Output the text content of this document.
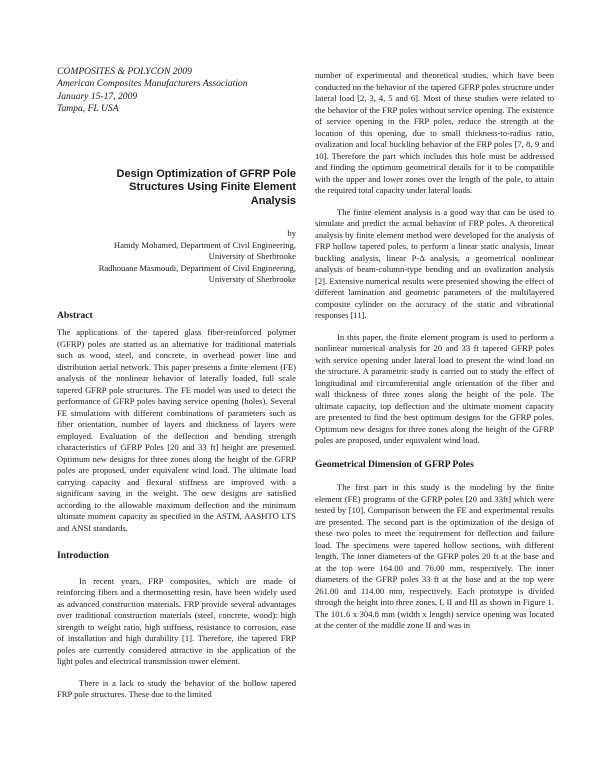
COMPOSITES & POLYCON 2009

American Composites Manufacturers Association

January 15-17, 2009

Tampa, FL USA

Design Optimization of GFRP Pole
Structures Using Finite Element
Analysis
by

Hamdy Mohamed, Department of Civil Engineering,

University of Sherbrooke

Radhouane Masmoudi, Department of Civil Engineering,

University of Sherbrooke

Abstract

The applications of the tapered glass fiber-reinforced polymer (GFRP) poles are started as an alternative for traditional materials such as wood, steel, and concrete, in overhead power line and distribution aerial network. This paper presents a finite element (FE) analysis of the nonlinear behavior of laterally loaded, full scale tapered GFRP pole structures. The FE model was used to detect the performance of GFRP poles having service opening (holes). Several FE simulations with different combinations of parameters such as fiber orientation, number of layers and thickness of layers were employed. Evaluation of the deflection and bending strength characteristics of GFRP Poles [20 and 33 ft] height are presented. Optimum new designs for three zones along the height of the GFRP poles are proposed, under equivalent wind load. The ultimate load carrying capacity and flexural stiffness are improved with a significant saving in the weight. The new designs are satisfied according to the allowable maximum deflection and the minimum ultimate moment capacity as specified in the ASTM, AASHTO LTS and ANSI standards.

Introduction

In recent years, FRP composites, which are made of reinforcing fibers and a thermosetting resin, have been widely used as advanced construction materials. FRP provide several advantages over traditional construction materials (steel, concrete, wood): high strength to weight ratio, high stiffness, resistance to corrosion, ease of installation and high durability [1]. Therefore, the tapered FRP poles are currently considered attractive in the application of the light poles and electrical transmission tower element.

There is a lack to study the behavior of the hollow tapered FRP pole structures. These due to the limited

number of experimental and theoretical studies, which have been conducted on the behavior of the tapered GFRP poles structure under lateral load [2, 3, 4, 5 and 6]. Most of these studies were related to the behavior of the FRP poles without service opening. The existence of service opening in the FRP poles, reduce the strength at the location of this opening, due to small thickness-to-radius ratio, ovalization and local buckling behavior of the FRP poles [7, 8, 9 and 10]. Therefore the part which includes this hole must be addressed and finding the optimum geometrical details for it to be compatible with the upper and lower zones over the length of the pole, to attain the required total capacity under lateral loads.

The finite element analysis is a good way that can be used to simulate and predict the actual behavior of FRP poles. A theoretical analysis by finite element method were developed for the analysis of FRP hollow tapered poles, to perform a linear static analysis, linear buckling analysis, linear P-Δ analysis, a geometrical nonlinear analysis of beam-column-type bending and an ovalization analysis [2]. Extensive numerical results were presented showing the effect of different lamination and geometric parameters of the multilayered composite cylinder on the accuracy of the static and vibrational responses [11].

In this paper, the finite element program is used to perform a nonlinear numerical analysis for 20 and 33 ft tapered GFRP poles with service opening under lateral load to present the wind load on the structure. A parametric study is carried out to study the effect of longitudinal and circumferential angle orientation of the fiber and wall thickness of three zones along the height of the pole. The ultimate capacity, top deflection and the ultimate moment capacity are presented to find the best optimum designs for the GFRP poles. Optimum new designs for three zones along the height of the GFRP poles are proposed, under equivalent wind load.

Geometrical Dimension of GFRP Poles

The first part in this study is the modeling by the finite element (FE) programs of the GFRP poles [20 and 33ft] which were tested by [10]. Comparison between the FE and experimental results are presented. The second part is the optimization of the design of these two poles to meet the requirement for deflection and failure load. The specimens were tapered hollow sections, with different length. The inner diameters of the GFRP poles 20 ft at the base and at the top were 164.00 and 76.00 mm, respectively. The inner diameters of the GFRP poles 33 ft at the base and at the top were 261.00 and 114.00 mm, respectively. Each prototype is divided through the height into three zones, I, II and III as shown in Figure 1. The 101.6 x 304.8 mm (width x length) service opening was located at the center of the middle zone II and was in
